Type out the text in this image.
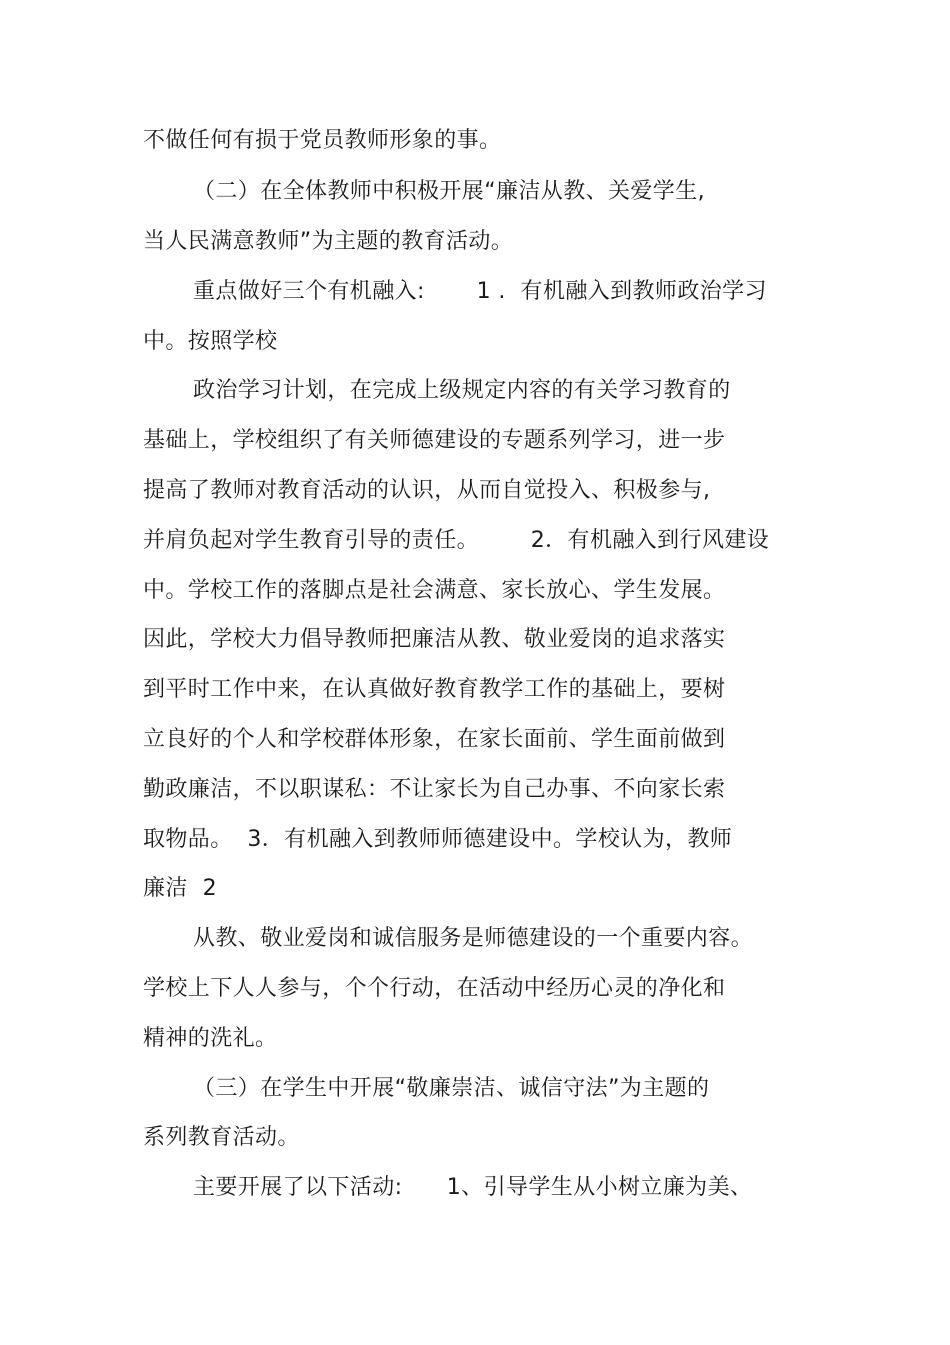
不做任何有损于党员教师形象的事。
（二）在全体教师中积极开展“廉洁从教、关爱学生,
当人民满意教师”为主题的教育活动。
重点做好三个有机融入:       1 .  有机融入到教师政治学习
中。按照学校
政治学习计划，在完成上级规定内容的有关学习教育的
基础上，学校组织了有关师德建设的专题系列学习，进一步
提高了教师对教育活动的认识，从而自觉投入、积极参与,
并肩负起对学生教育引导的责任。       2．有机融入到行风建设
中。学校工作的落脚点是社会满意、家长放心、学生发展。
因此，学校大力倡导教师把廉洁从教、敬业爱岗的追求落实
到平时工作中来，在认真做好教育教学工作的基础上，要树
立良好的个人和学校群体形象，在家长面前、学生面前做到
勤政廉洁，不以职谋私：不让家长为自己办事、不向家长索
取物品。  3．有机融入到教师师德建设中。学校认为，教师
廉洁  2
从教、敬业爱岗和诚信服务是师德建设的一个重要内容。
学校上下人人参与，个个行动，在活动中经历心灵的净化和
精神的洗礼。
（三）在学生中开展“敬廉崇洁、诚信守法”为主题的
系列教育活动。
主要开展了以下活动:      1、引导学生从小树立廉为美、
